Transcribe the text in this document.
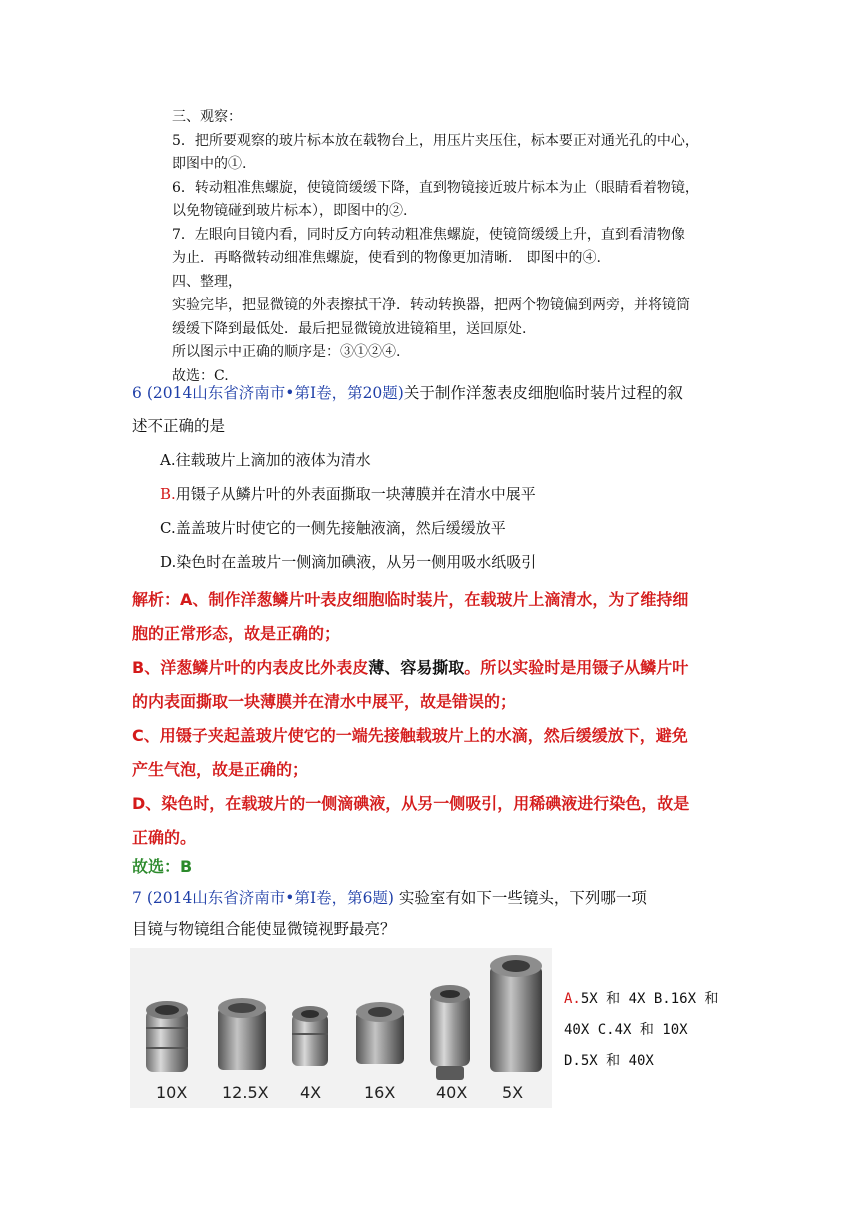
三、观察：

5．把所要观察的玻片标本放在载物台上，用压片夹压住，标本要正对通光孔的中心，

即图中的①.

6．转动粗准焦螺旋，使镜筒缓缓下降，直到物镜接近玻片标本为止（眼睛看着物镜，

以免物镜碰到玻片标本），即图中的②.

7．左眼向目镜内看，同时反方向转动粗准焦螺旋，使镜筒缓缓上升，直到看清物像

为止．再略微转动细准焦螺旋，使看到的物像更加清晰． 即图中的④.

四、整理，

实验完毕，把显微镜的外表擦拭干净．转动转换器，把两个物镜偏到两旁，并将镜筒

缓缓下降到最低处．最后把显微镜放进镜箱里，送回原处.

所以图示中正确的顺序是：③①②④.

故选：C.

6 (2014山东省济南市•第Ⅰ卷，第20题)关于制作洋葱表皮细胞临时装片过程的叙
述不正确的是
A.往载玻片上滴加的液体为清水
B.用镊子从鳞片叶的外表面撕取一块薄膜并在清水中展平
C.盖盖玻片时使它的一侧先接触液滴，然后缓缓放平
D.染色时在盖玻片一侧滴加碘液，从另一侧用吸水纸吸引
解析：A、制作洋葱鳞片叶表皮细胞临时装片，在载玻片上滴清水，为了维持细
胞的正常形态，故是正确的；
B、洋葱鳞片叶的内表皮比外表皮薄、容易撕取。所以实验时是用镊子从鳞片叶
的内表面撕取一块薄膜并在清水中展平，故是错误的；
C、用镊子夹起盖玻片使它的一端先接触载玻片上的水滴，然后缓缓放下，避免
产生气泡，故是正确的；
D、染色时，在载玻片的一侧滴碘液，从另一侧吸引，用稀碘液进行染色，故是
正确的。
故选：B
7 (2014山东省济南市•第Ⅰ卷，第6题) 实验室有如下一些镜头，下列哪一项
目镜与物镜组合能使显微镜视野最亮？
10X 12.5X 4X	16X	40X 5X
A.5X 和 4X B.16X 和
40X C.4X 和 10X
D.5X 和 40X
